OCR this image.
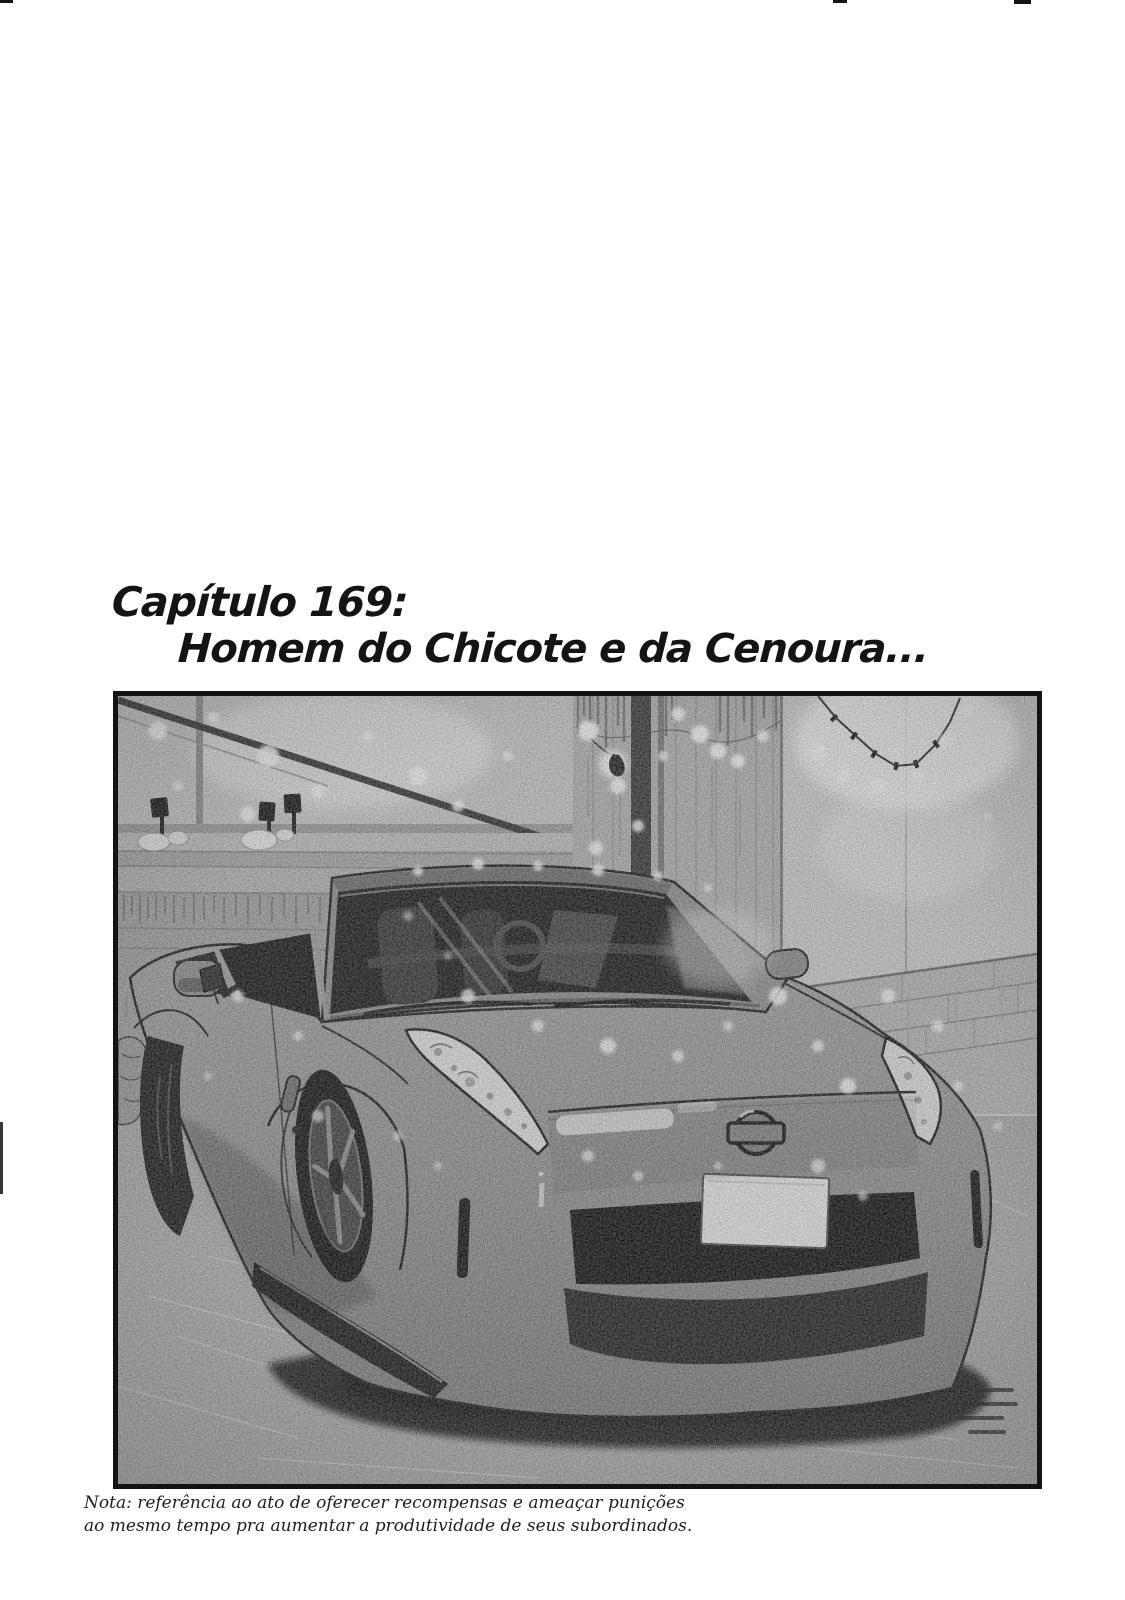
Capítulo 169:
Homem do Chicote e da Cenoura...
Nota: referência ao ato de oferecer recompensas e ameaçar punições
ao mesmo tempo pra aumentar a produtividade de seus subordinados.
